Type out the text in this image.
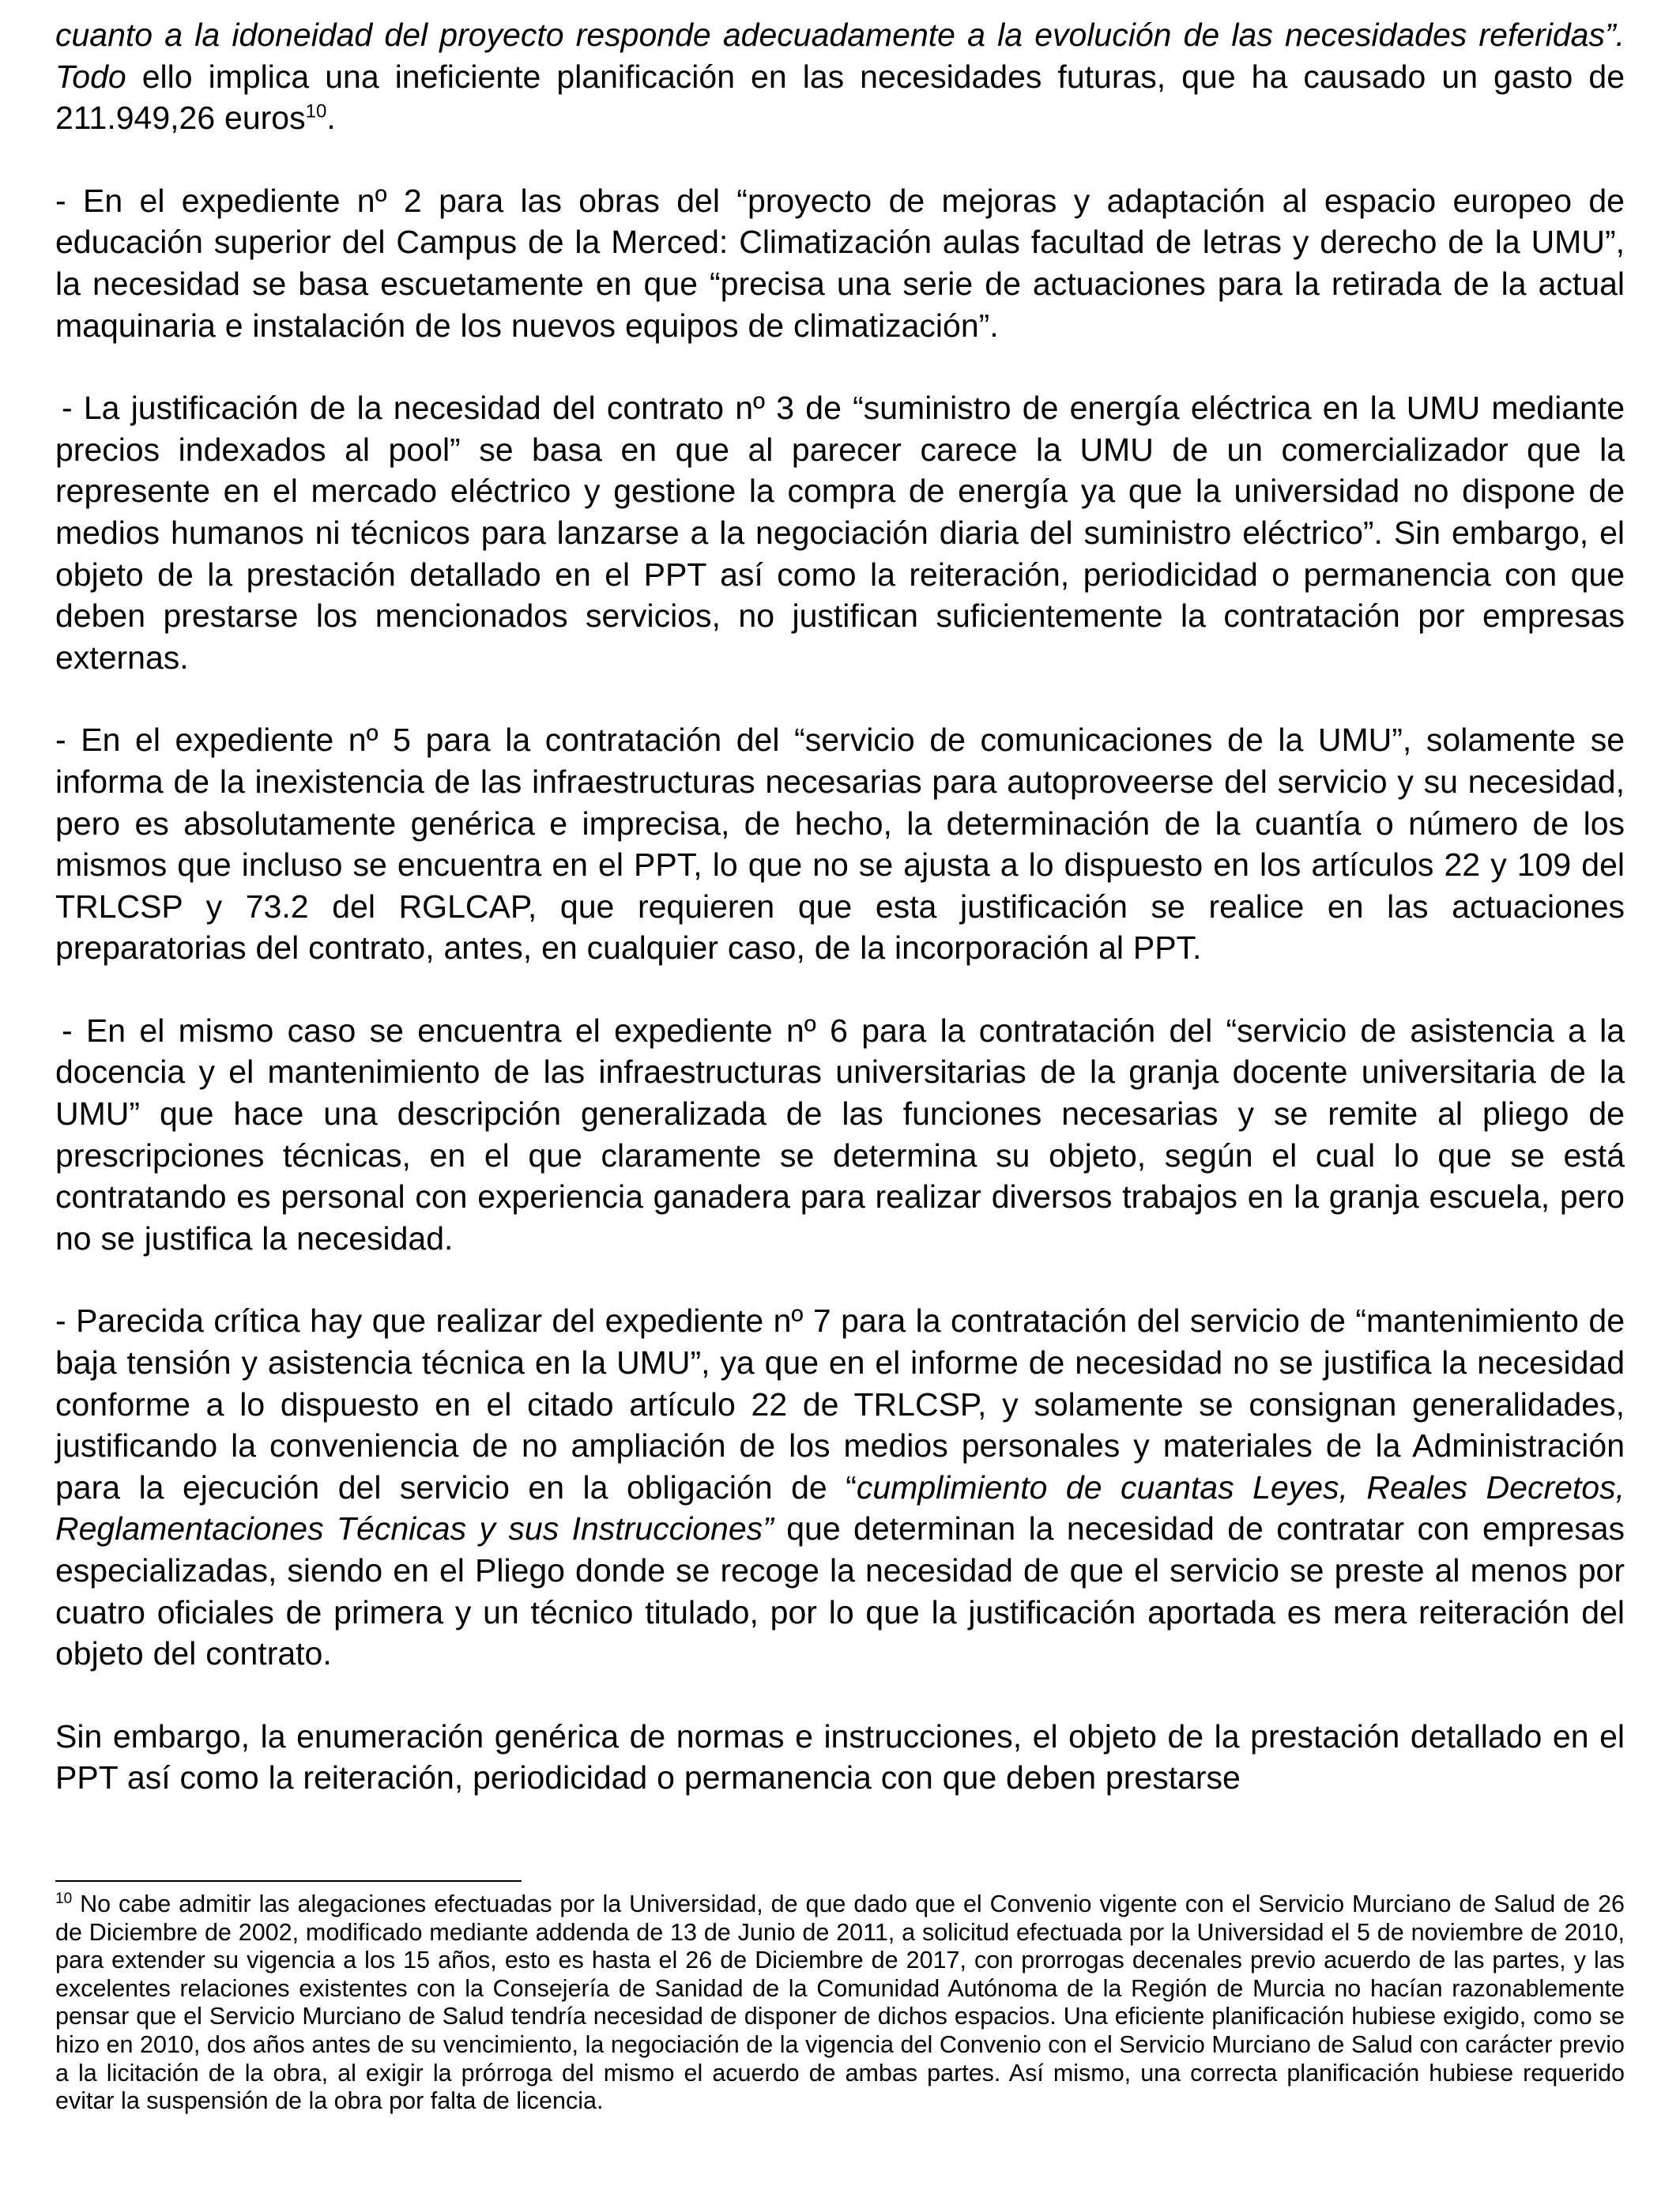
cuanto a la idoneidad del proyecto responde adecuadamente a la evolución de las necesidades referidas”. Todo ello implica una ineficiente planificación en las necesidades futuras, que ha causado un gasto de 211.949,26 euros$^{10}$.

- En el expediente nº 2 para las obras del “proyecto de mejoras y adaptación al espacio europeo de educación superior del Campus de la Merced: Climatización aulas facultad de letras y derecho de la UMU”, la necesidad se basa escuetamente en que “precisa una serie de actuaciones para la retirada de la actual maquinaria e instalación de los nuevos equipos de climatización”.

- La justificación de la necesidad del contrato nº 3 de “suministro de energía eléctrica en la UMU mediante precios indexados al pool” se basa en que al parecer carece la UMU de un comercializador que la represente en el mercado eléctrico y gestione la compra de energía ya que la universidad no dispone de medios humanos ni técnicos para lanzarse a la negociación diaria del suministro eléctrico”. Sin embargo, el objeto de la prestación detallado en el PPT así como la reiteración, periodicidad o permanencia con que deben prestarse los mencionados servicios, no justifican suficientemente la contratación por empresas externas.

- En el expediente nº 5 para la contratación del “servicio de comunicaciones de la UMU”, solamente se informa de la inexistencia de las infraestructuras necesarias para autoproveerse del servicio y su necesidad, pero es absolutamente genérica e imprecisa, de hecho, la determinación de la cuantía o número de los mismos que incluso se encuentra en el PPT, lo que no se ajusta a lo dispuesto en los artículos 22 y 109 del TRLCSP y 73.2 del RGLCAP, que requieren que esta justificación se realice en las actuaciones preparatorias del contrato, antes, en cualquier caso, de la incorporación al PPT.

- En el mismo caso se encuentra el expediente nº 6 para la contratación del “servicio de asistencia a la docencia y el mantenimiento de las infraestructuras universitarias de la granja docente universitaria de la UMU” que hace una descripción generalizada de las funciones necesarias y se remite al pliego de prescripciones técnicas, en el que claramente se determina su objeto, según el cual lo que se está contratando es personal con experiencia ganadera para realizar diversos trabajos en la granja escuela, pero no se justifica la necesidad.

- Parecida crítica hay que realizar del expediente nº 7 para la contratación del servicio de “mantenimiento de baja tensión y asistencia técnica en la UMU”, ya que en el informe de necesidad no se justifica la necesidad conforme a lo dispuesto en el citado artículo 22 de TRLCSP, y solamente se consignan generalidades, justificando la conveniencia de no ampliación de los medios personales y materiales de la Administración para la ejecución del servicio en la obligación de “cumplimiento de cuantas Leyes, Reales Decretos, Reglamentaciones Técnicas y sus Instrucciones” que determinan la necesidad de contratar con empresas especializadas, siendo en el Pliego donde se recoge la necesidad de que el servicio se preste al menos por cuatro oficiales de primera y un técnico titulado, por lo que la justificación aportada es mera reiteración del objeto del contrato.

Sin embargo, la enumeración genérica de normas e instrucciones, el objeto de la prestación detallado en el PPT así como la reiteración, periodicidad o permanencia con que deben prestarse

$^{10}$ No cabe admitir las alegaciones efectuadas por la Universidad, de que dado que el Convenio vigente con el Servicio Murciano de Salud de 26 de Diciembre de 2002, modificado mediante addenda de 13 de Junio de 2011, a solicitud efectuada por la Universidad el 5 de noviembre de 2010, para extender su vigencia a los 15 años, esto es hasta el 26 de Diciembre de 2017, con prorrogas decenales previo acuerdo de las partes, y las excelentes relaciones existentes con la Consejería de Sanidad de la Comunidad Autónoma de la Región de Murcia no hacían razonablemente pensar que el Servicio Murciano de Salud tendría necesidad de disponer de dichos espacios. Una eficiente planificación hubiese exigido, como se hizo en 2010, dos años antes de su vencimiento, la negociación de la vigencia del Convenio con el Servicio Murciano de Salud con carácter previo a la licitación de la obra, al exigir la prórroga del mismo el acuerdo de ambas partes. Así mismo, una correcta planificación hubiese requerido evitar la suspensión de la obra por falta de licencia.
